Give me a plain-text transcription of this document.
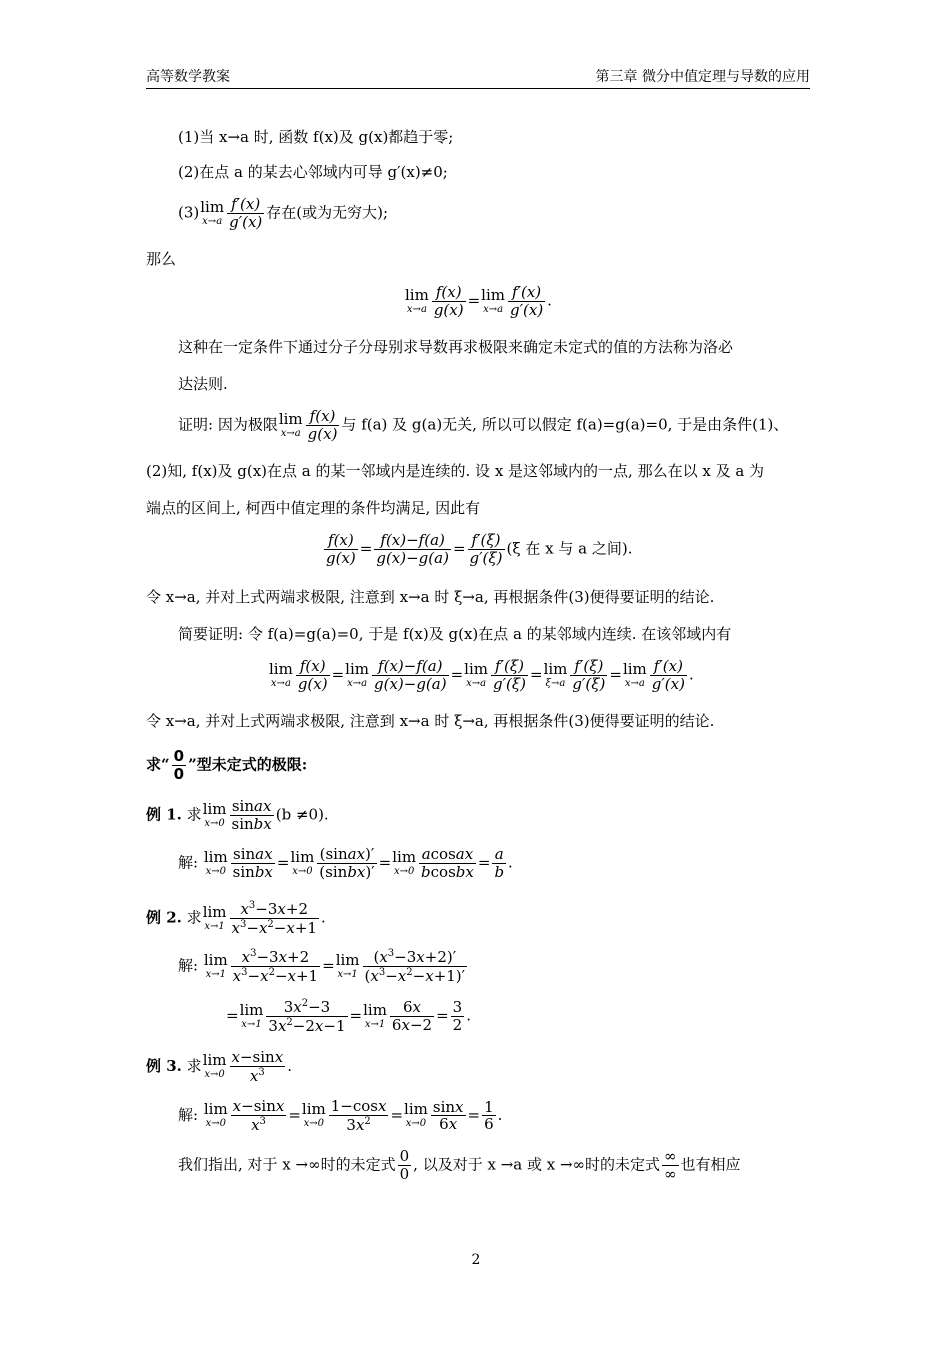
高等数学教案	第三章 微分中值定理与导数的应用
(1)当 x→a 时, 函数 f(x)及 g(x)都趋于零;
(2)在点 a 的某去心邻域内可导 g′(x)≠0;
(3) lim
$x\to a \frac{f'(x)}{g'(x)}$ 存在(或为无穷大);
那么
lim
$x\to a \frac{f(x)}{g(x)} = \lim$
$x\to a \frac{f'(x)}{g'(x)}$ .
这种在一定条件下通过分子分母别求导数再求极限来确定未定式的值的方法称为洛必
达法则.
证明: 因为极限 lim
$x\to a \frac{f(x)}{g(x)}$ 与 f(a) 及 g(a)无关, 所以可以假定 f(a)=g(a)=0, 于是由条件(1)、
(2)知, f(x)及 g(x)在点 a 的某一邻域内是连续的. 设 x 是这邻域内的一点, 那么在以 x 及 a 为
端点的区间上, 柯西中值定理的条件均满足, 因此有
$\frac{f(x)}{g(x)} = \frac{f(x)-f(a)}{g(x)-g(a)} = \frac{f'(\xi)}{g'(\xi)} (\xi$ 在 x 与 a 之间).
令 x→a, 并对上式两端求极限, 注意到 x→a 时 ξ→a, 再根据条件(3)便得要证明的结论.
简要证明: 令 f(a)=g(a)=0, 于是 f(x)及 g(x)在点 a 的某邻域内连续. 在该邻域内有
lim
$x\to a \frac{f(x)}{g(x)} = \lim$
$x\to a \frac{f(x)-f(a)}{g(x)-g(a)} = \lim$
$x\to a \frac{f'(\xi)}{g'(\xi)} = \lim$
$\xi\to a \frac{f'(\xi)}{g'(\xi)} = \lim$
$x\to a \frac{f'(x)}{g'(x)}$ .
令 x→a, 并对上式两端求极限, 注意到 x→a 时 ξ→a, 再根据条件(3)便得要证明的结论.
求“ $\frac{0}{0}$ ”型未定式的极限:
例 1. 求 lim
$x\to 0 \frac{\text{sinax}}{\text{sinbx}} (b \ne 0)$.
解: lim
$x\to 0 \frac{\text{sinax}}{\text{sinbx}} = \lim$
$x\to 0 \frac{\text{(sinax)′}}{\text{(sinbx)′}} = \lim$
$x\to 0 \frac{\text{acosax}}{\text{bcosbx}} = \frac{a}{b}$ .
例 2. 求 lim
$x\to 1 \frac{x^3-3x+2}{x^3-x^2-x+1}$ .
解: lim
$x\to 1 \frac{x^3-3x+2}{x^3-x^2-x+1} = \lim$
$x\to 1 \frac{(x^3-3x+2)'}{(x^3-x^2-x+1)'}$
= lim
$x\to 1 \frac{3x^2-3}{3x^2-2x-1} = \lim$
$x\to 1 \frac{6x}{6x-2} = \frac{3}{2}$ .
例 3. 求 lim
$x\to 0 \frac{x-\sin x}{x^3}$ .
解: lim
$x\to 0 \frac{x-\sin x}{x^3} = \lim$
$x\to 0 \frac{1-\cos x}{3x^2} = \lim$
$x\to 0 \frac{\sin x}{6x} = \frac{1}{6}$ .
我们指出, 对于 x →∞时的未定式 $\frac{0}{0}$ , 以及对于 x →a 或 x →∞时的未定式 ∞
∞ 也有相应
2
